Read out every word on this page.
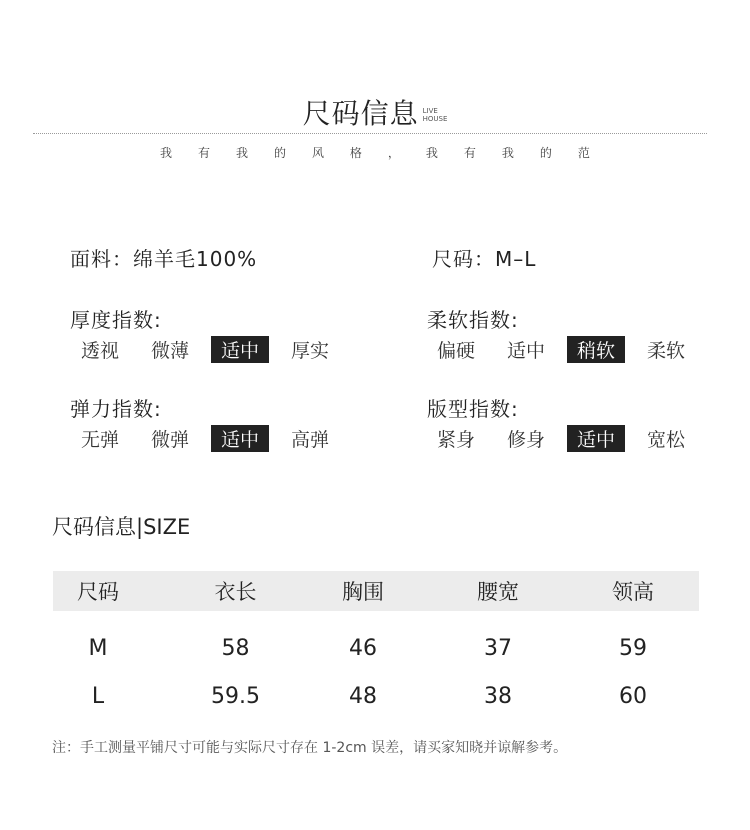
尺码信息 LIVE
HOUSE
我 有 我 的 风 格 ， 我 有 我 的 范
面料：绵羊毛100%	尺码：M–L
厚度指数:
透视	微薄	适中	厚实
柔软指数:
偏硬	适中	稍软	柔软
弹力指数:
无弹	微弹	适中	高弹
版型指数:
紧身	修身	适中	宽松
尺码信息|SIZE
尺码	衣长	胸围	腰宽	领高
M	58	46	37	59
L	59.5	48	38	60
注：手工测量平铺尺寸可能与实际尺寸存在 1-2cm 误差，请买家知晓并谅解参考。
